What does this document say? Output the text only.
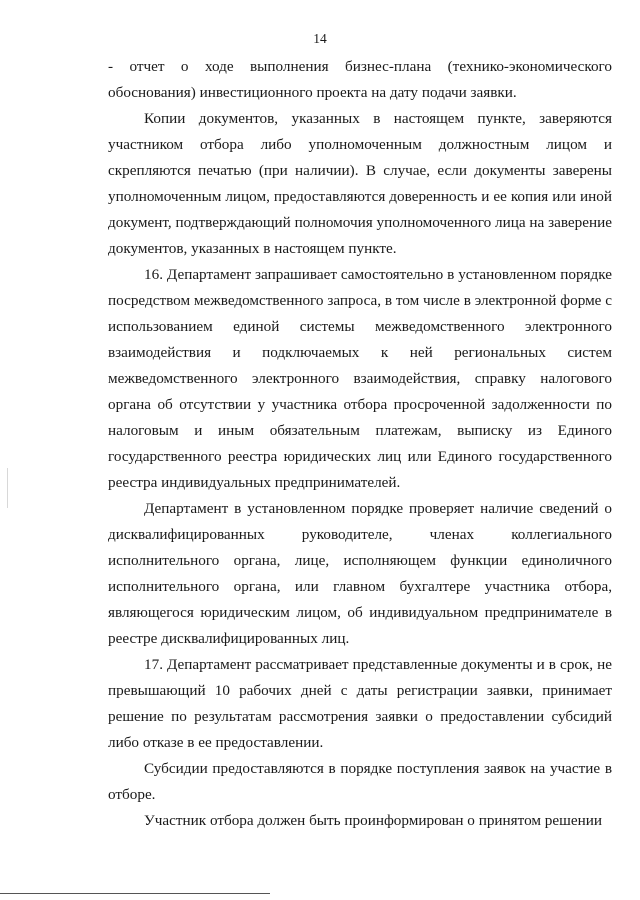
14

- отчет о ходе выполнения бизнес-плана (технико-экономического обоснования) инвестиционного проекта на дату подачи заявки.

Копии документов, указанных в настоящем пункте, заверяются участником отбора либо уполномоченным должностным лицом и скрепляются печатью (при наличии). В случае, если документы заверены уполномоченным лицом, предоставляются доверенность и ее копия или иной документ, подтверждающий полномочия уполномоченного лица на заверение документов, указанных в настоящем пункте.

16. Департамент запрашивает самостоятельно в установленном порядке посредством межведомственного запроса, в том числе в электронной форме с использованием единой системы межведомственного электронного взаимодействия и подключаемых к ней региональных систем межведомственного электронного взаимодействия, справку налогового органа об отсутствии у участника отбора просроченной задолженности по налоговым и иным обязательным платежам, выписку из Единого государственного реестра юридических лиц или Единого государственного реестра индивидуальных предпринимателей.

Департамент в установленном порядке проверяет наличие сведений о дисквалифицированных руководителе, членах коллегиального исполнительного органа, лице, исполняющем функции единоличного исполнительного органа, или главном бухгалтере участника отбора, являющегося юридическим лицом, об индивидуальном предпринимателе в реестре дисквалифицированных лиц.

17. Департамент рассматривает представленные документы и в срок, не превышающий 10 рабочих дней с даты регистрации заявки, принимает решение по результатам рассмотрения заявки о предоставлении субсидий либо отказе в ее предоставлении.

Субсидии предоставляются в порядке поступления заявок на участие в отборе.

Участник отбора должен быть проинформирован о принятом решении
